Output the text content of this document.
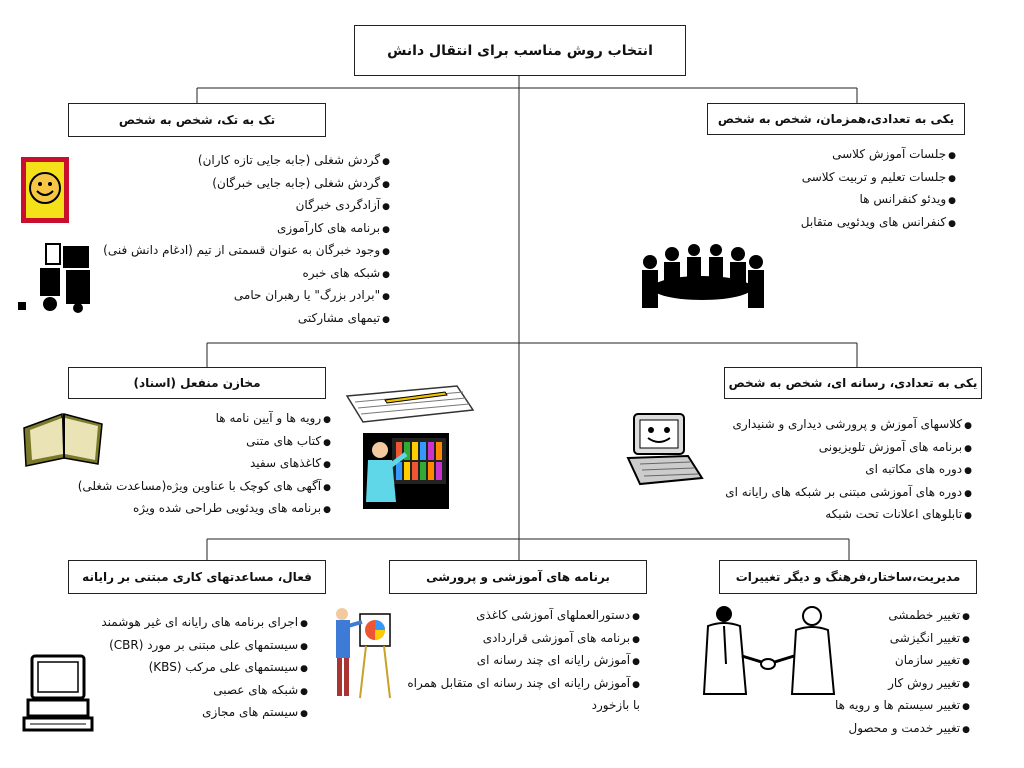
انتخاب روش مناسب برای انتقال دانش
تک به تک، شخص به شخص	یکی به تعدادی،همزمان، شخص به شخص
مخازن منفعل (اسناد)	یکی به تعدادی، رسانه ای، شخص به شخص
فعال، مساعدتهای کاری مبتنی بر رایانه	برنامه های آموزشی و پرورشی	مدیریت،ساختار،فرهنگ و دیگر تغییرات
● گردش شغلی (جابه جایی تازه کاران)
● گردش شغلی (جابه جایی خبرگان)
● آزادگردی خبرگان
● برنامه های کارآموزی
● وجود خبرگان به عنوان قسمتی از تیم (ادغام دانش فنی)
● شبکه های خبره
● "برادر بزرگ" یا رهبران حامی
● تیمهای مشارکتی
● جلسات آموزش کلاسی
● جلسات تعلیم و تربیت کلاسی
● ویدئو کنفرانس ها
● کنفرانس های ویدئویی متقابل
● رویه ها و آیین نامه ها
● کتاب های متنی
● کاغذهای سفید
● آگهی های کوچک با عناوین ویژه(مساعدت شغلی)
● برنامه های ویدئویی طراحی شده ویژه
● کلاسهای آموزش و پرورشی دیداری و شنیداری
● برنامه های آموزش تلویزیونی
● دوره های مکاتبه ای
● دوره های آموزشی مبتنی بر شبکه های رایانه ای
● تابلوهای اعلانات تحت شبکه
● اجرای برنامه های رایانه ای غیر هوشمند
● سیستمهای علی مبتنی بر مورد (CBR)
● سیستمهای علی مرکب (KBS)
● شبکه های عصبی
● سیستم های مجازی
● دستورالعملهای آموزشی کاغذی
● برنامه های آموزشی قراردادی
● آموزش رایانه ای چند رسانه ای
● آموزش رایانه ای چند رسانه ای متقابل همراه با بازخورد
● تغییر خطمشی
● تغییر انگیزشی
● تغییر سازمان
● تغییر روش کار
● تغییر سیستم ها و رویه ها
● تغییر خدمت و محصول
